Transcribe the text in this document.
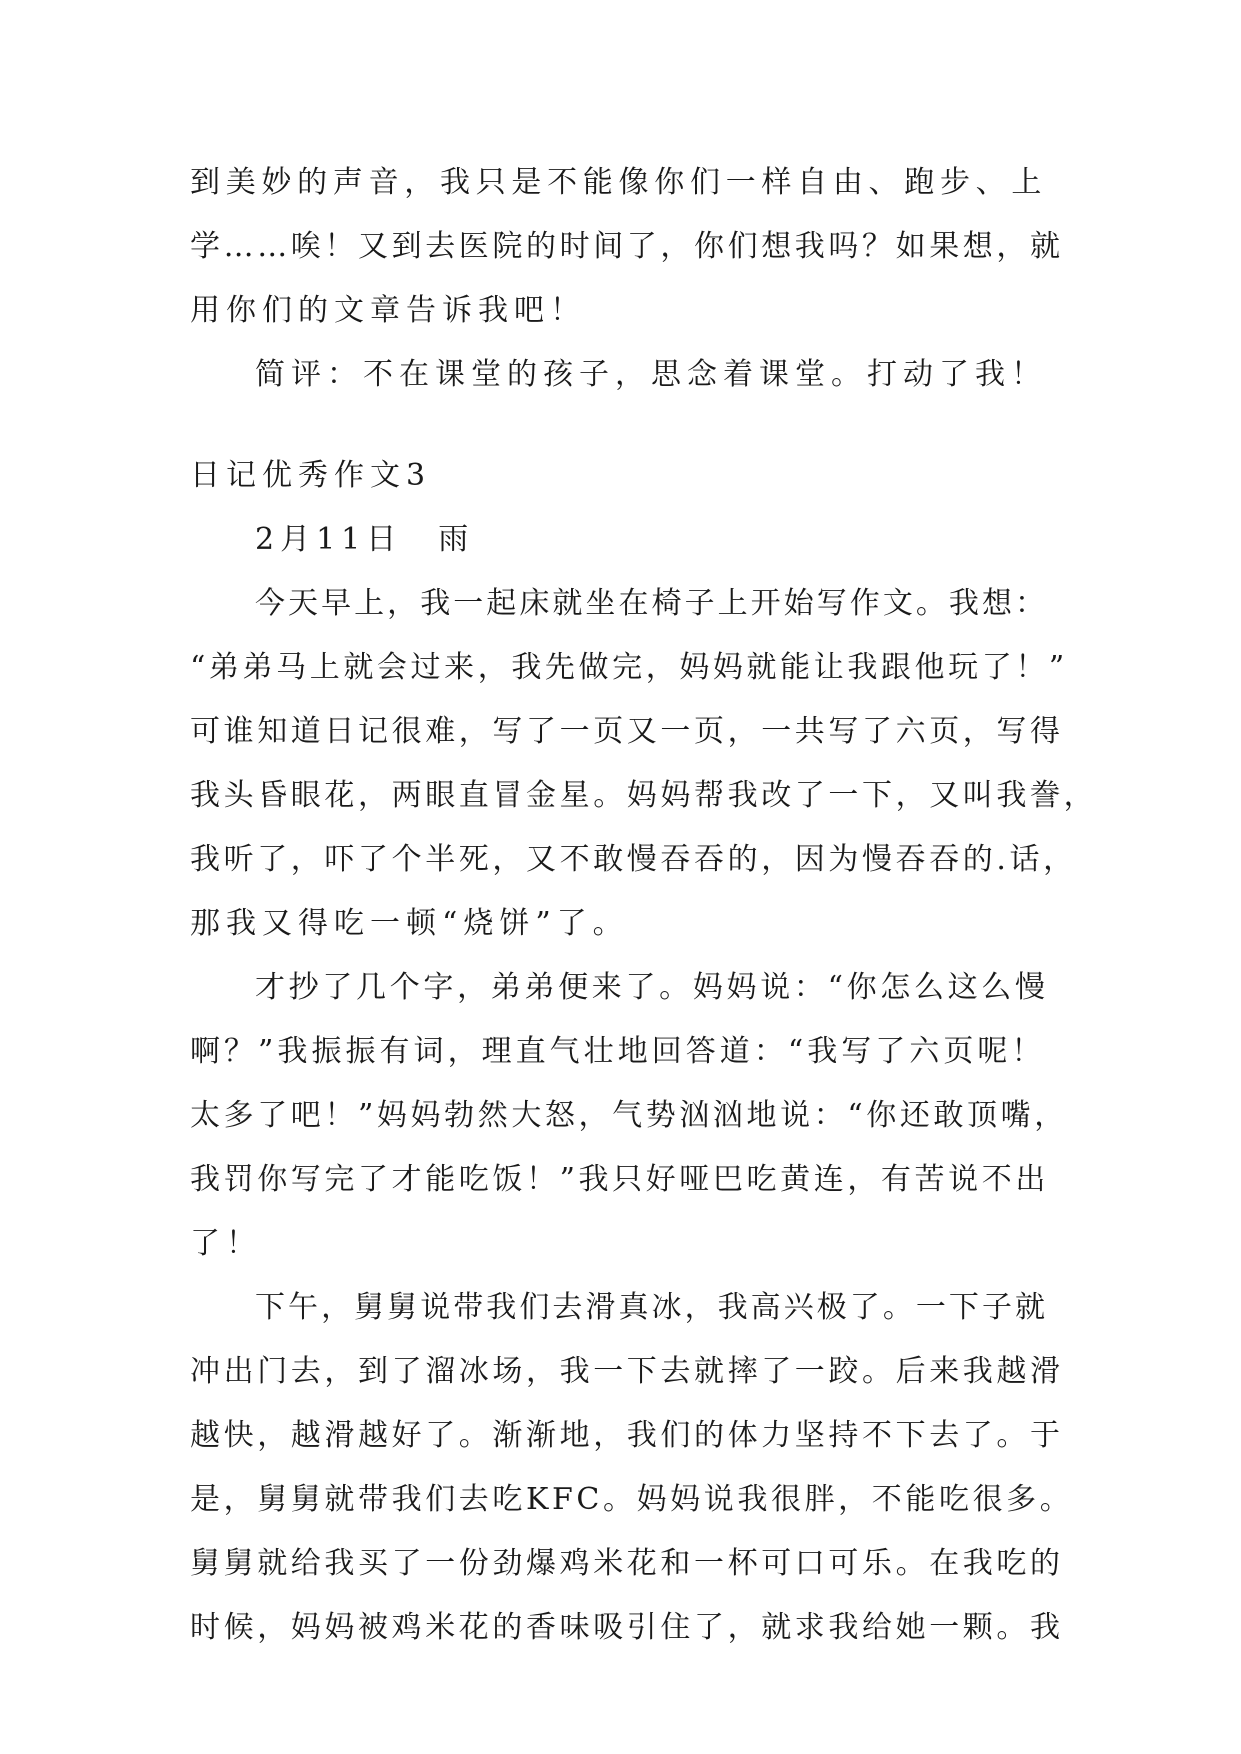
到美妙的声音，我只是不能像你们一样自由、跑步、上
学……唉！又到去医院的时间了，你们想我吗？如果想，就
用你们的文章告诉我吧！
简评：不在课堂的孩子，思念着课堂。打动了我！
日记优秀作文3
2月11日　雨
今天早上，我一起床就坐在椅子上开始写作文。我想：
“弟弟马上就会过来，我先做完，妈妈就能让我跟他玩了！”
可谁知道日记很难，写了一页又一页，一共写了六页，写得
我头昏眼花，两眼直冒金星。妈妈帮我改了一下，又叫我誊，
我听了，吓了个半死，又不敢慢吞吞的，因为慢吞吞的.话，
那我又得吃一顿“烧饼”了。
才抄了几个字，弟弟便来了。妈妈说：“你怎么这么慢
啊？”我振振有词，理直气壮地回答道：“我写了六页呢！
太多了吧！”妈妈勃然大怒，气势汹汹地说：“你还敢顶嘴，
我罚你写完了才能吃饭！”我只好哑巴吃黄连，有苦说不出
了！
下午，舅舅说带我们去滑真冰，我高兴极了。一下子就
冲出门去，到了溜冰场，我一下去就摔了一跤。后来我越滑
越快，越滑越好了。渐渐地，我们的体力坚持不下去了。于
是，舅舅就带我们去吃KFC。妈妈说我很胖，不能吃很多。
舅舅就给我买了一份劲爆鸡米花和一杯可口可乐。在我吃的
时候，妈妈被鸡米花的香味吸引住了，就求我给她一颗。我
